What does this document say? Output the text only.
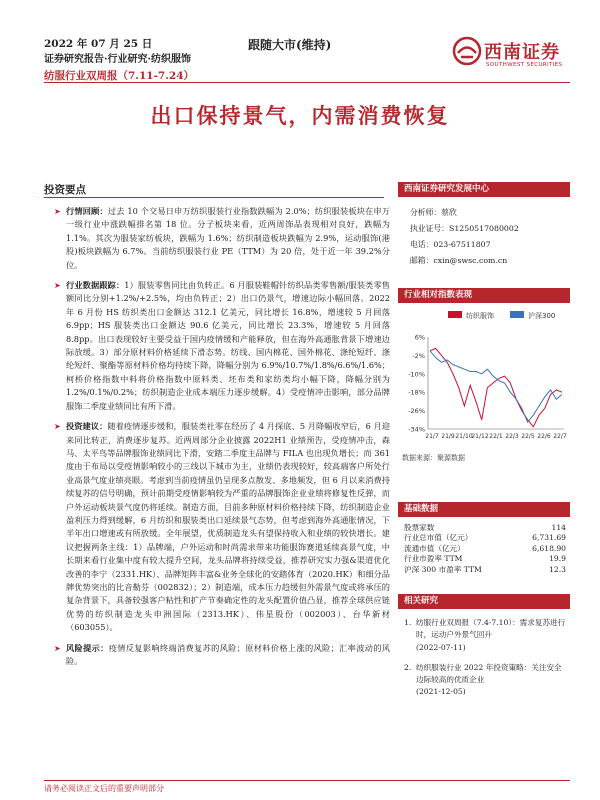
2022 年 07 月 25 日
证券研究报告·行业研究·纺织服饰
纺服行业双周报（7.11-7.24）
跟随大市(维持)	西南证券
SOUTHWEST SECURITIES
出口保持景气，内需消费恢复
投资要点
➤ 行情回顾：过去 10 个交易日申万纺织服装行业指数跌幅为 2.0%；纺织服装板块在申万一级行业中涨跌幅排名第 18 位。分子板块来看，近两周饰品表现相对良好，跌幅为 1.1%。其次为服装家纺板块，跌幅为 1.6%；纺织制造板块跌幅为 2.9%，运动服饰(港股)板块跌幅为 6.7%。当前纺织服装行业 PE（TTM）为 20 倍，处于近一年 39.2%分位。
➤ 行业数据跟踪：1）服装零售同比由负转正。6 月服装鞋帽针纺织品类零售额/服装类零售额同比分别+1.2%/+2.5%，均由负转正；2）出口仍景气，增速边际小幅回落。2022 年 6 月份 HS 纺织类出口金额达 312.1 亿美元，同比增长 16.8%，增速较 5 月回落 6.9pp；HS 服装类出口金额达 90.6 亿美元，同比增长 23.3%，增速较 5 月回落 8.8pp。出口表现较好主要受益于国内疫情缓和产能释放，但在海外高通胀背景下增速边际放缓。3）部分原材料价格延续下滑态势。纺线、国内棉花、国外棉花、涤纶短纤、涤纶短纤、聚酯等原材料价格均持续下降，降幅分别为 6.9%/10.7%/1.8%/6.6%/1.6%；柯桥价格指数中料将价格指数中原料类、坯布类和家纺类均小幅下降，降幅分别为 1.2%/0.1%/0.2%；纺织制造企业成本端压力逐步缓解。4）受疫情冲击影响，部分品牌服饰二季度业绩同比有所下滑。
➤ 投资建议：随着疫情逐步缓和，服装类社零在经历了 4 月探底、5 月降幅收窄后，6 月迎来同比转正，消费逐步复苏。近两周部分企业披露 2022H1 业绩预告，受疫情冲击，森马、太平鸟等品牌服饰业绩同比下滑，安踏二季度主品牌与 FILA 也出现负增长；而 361 度由于布局以受疫情影响较小的三线以下城市为主，业绩仍表现较好，较高端客户所处行业高景气度业绩亮眼。考虑到当前疫情虽仍呈现多点散发、多地频发，但 6 月以来消费持续复苏的信号明确，预计前期受疫情影响较为严重的品牌服饰企业业绩将修复性反弹，而户外运动板块景气度仍将延续。制造方面，目前多种原材料价格持续下降，纺织制造企业盈利压力得到缓解，6 月纺织和服装类出口延续景气态势，但考虑到海外高通胀情况，下半年出口增速或有所放缓。全年展望，优质制造龙头有望保持收入和业绩的较快增长。建议把握两条主线：1）品牌端，户外运动和时尚需求带来功能服饰赛道延续高景气度，中长期来看行业集中度有较大提升空间，龙头品牌将持续受益，推荐研究实力强&渠道优化改善的李宁（2331.HK）、品牌矩阵丰富&业务全球化的安踏体育（2020.HK）和细分品牌优势突出的比音勒芬（002832）；2）制造端，成本压力趋缓但外需景气度或将承压的复杂背景下，具备较强客户粘性和扩产节奏确定性的龙头配置价值凸显，推荐全球供应链优势的纺织制造龙头申洲国际（2313.HK）、伟星股份（002003）、台华新材（603055）。
➤ 风险提示：疫情反复影响终端消费复苏的风险；原材料价格上涨的风险；汇率波动的风险。
西南证券研究发展中心
分析师：蔡欣
执业证号：S1250517080002
电话：023-67511807
邮箱：cxin@swsc.com.cn
行业相对指数表现
纺织服饰	沪深300
6%
-2%
-10%
-18%
-26%
-34%
21/7 21/9 21/10
21/12 22/1 22/3 22/5 22/6 22/7
数据来源：聚源数据
基础数据
股票家数	114
行业总市值（亿元）	6,731.69
流通市值（亿元）	6,618.90
行业市盈率 TTM	19.9
沪深 300 市盈率 TTM	12.3
相关研究
1. 纺服行业双周报（7.4-7.10）：需求复苏进行时，运动户外景气回升
(2022-07-11)
2. 纺织服装行业 2022 年投资策略：关注安全边际较高的优质企业
(2021-12-05)
请务必阅读正文后的重要声明部分
